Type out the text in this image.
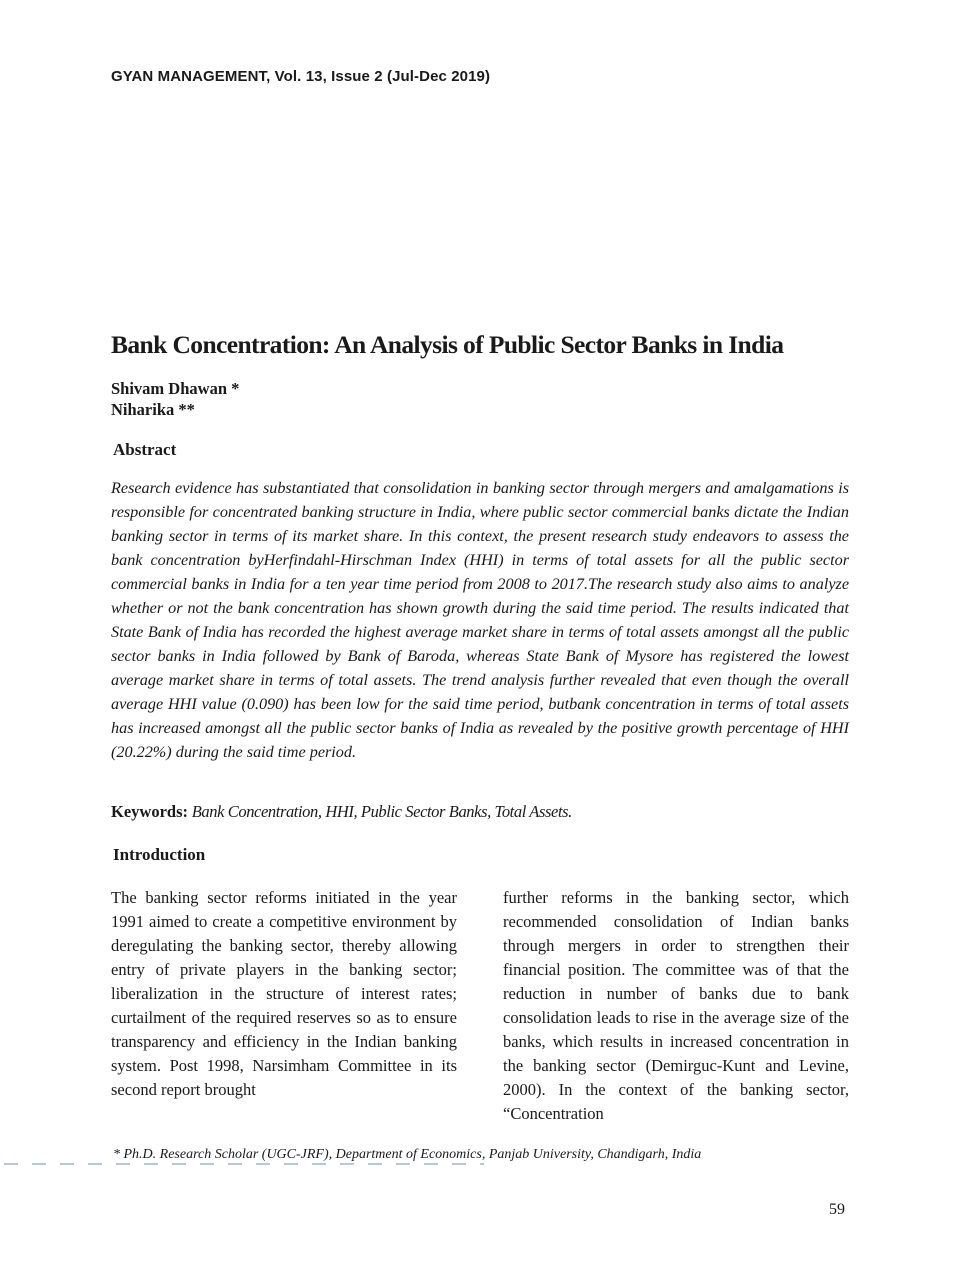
GYAN MANAGEMENT, Vol. 13, Issue 2 (Jul-Dec 2019)
Bank Concentration: An Analysis of Public Sector Banks in India
Shivam Dhawan *
Niharika **
Abstract

Research evidence has substantiated that consolidation in banking sector through mergers and amalgamations is responsible for concentrated banking structure in India, where public sector commercial banks dictate the Indian banking sector in terms of its market share. In this context, the present research study endeavors to assess the bank concentration byHerfindahl-Hirschman Index (HHI) in terms of total assets for all the public sector commercial banks in India for a ten year time period from 2008 to 2017.The research study also aims to analyze whether or not the bank concentration has shown growth during the said time period. The results indicated that State Bank of India has recorded the highest average market share in terms of total assets amongst all the public sector banks in India followed by Bank of Baroda, whereas State Bank of Mysore has registered the lowest average market share in terms of total assets. The trend analysis further revealed that even though the overall average HHI value (0.090) has been low for the said time period, butbank concentration in terms of total assets has increased amongst all the public sector banks of India as revealed by the positive growth percentage of HHI (20.22%) during the said time period.

Keywords: Bank Concentration, HHI, Public Sector Banks, Total Assets.
Introduction

The banking sector reforms initiated in the year 1991 aimed to create a competitive environment by deregulating the banking sector, thereby allowing entry of private players in the banking sector; liberalization in the structure of interest rates; curtailment of the required reserves so as to ensure transparency and efficiency in the Indian banking system. Post 1998, Narsimham Committee in its second report brought

further reforms in the banking sector, which recommended consolidation of Indian banks through mergers in order to strengthen their financial position. The committee was of that the reduction in number of banks due to bank consolidation leads to rise in the average size of the banks, which results in increased concentration in the banking sector (Demirguc-Kunt and Levine, 2000). In the context of the banking sector, “Concentration

* Ph.D. Research Scholar (UGC-JRF), Department of Economics, Panjab University, Chandigarh, India
59
